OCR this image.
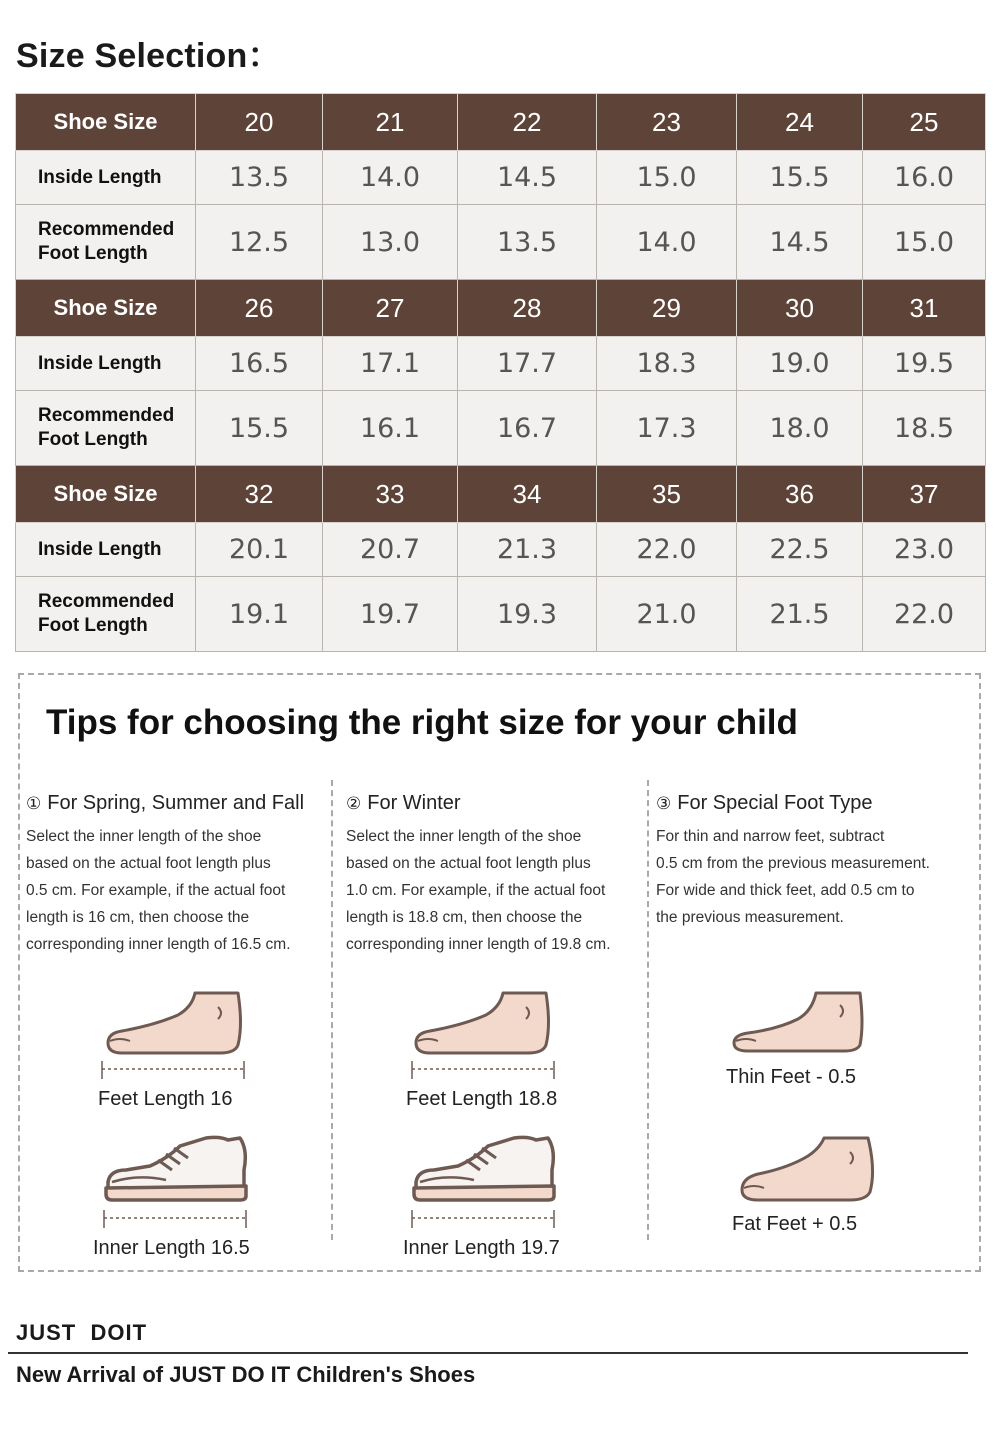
Size Selection：
Shoe Size	20	21	22	23	24	25
Inside Length	13.5	14.0	14.5	15.0	15.5	16.0

Recommended
Foot Length	12.5	13.0	13.5	14.0	14.5	15.0
Shoe Size	26	27	28	29	30	31
Inside Length	16.5	17.1	17.7	18.3	19.0	19.5

Recommended
Foot Length	15.5	16.1	16.7	17.3	18.0	18.5
Shoe Size	32	33	34	35	36	37
Inside Length	20.1	20.7	21.3	22.0	22.5	23.0

Recommended
Foot Length	19.1	19.7	19.3	21.0	21.5	22.0
Tips for choosing the right size for your child
① For Spring, Summer and Fall
Select the inner length of the shoe
based on the actual foot length plus
0.5 cm. For example, if the actual foot
length is 16 cm, then choose the
corresponding inner length of 16.5 cm.
② For Winter
Select the inner length of the shoe
based on the actual foot length plus
1.0 cm. For example, if the actual foot
length is 18.8 cm, then choose the
corresponding inner length of 19.8 cm.
③ For Special Foot Type
For thin and narrow feet, subtract
0.5 cm from the previous measurement.
For wide and thick feet, add 0.5 cm to
the previous measurement.
Feet Length 16	Feet Length 18.8
Thin Feet - 0.5
Fat Feet + 0.5
Inner Length 16.5	Inner Length 19.7
JUST  DOIT
New Arrival of JUST DO IT Children's Shoes
